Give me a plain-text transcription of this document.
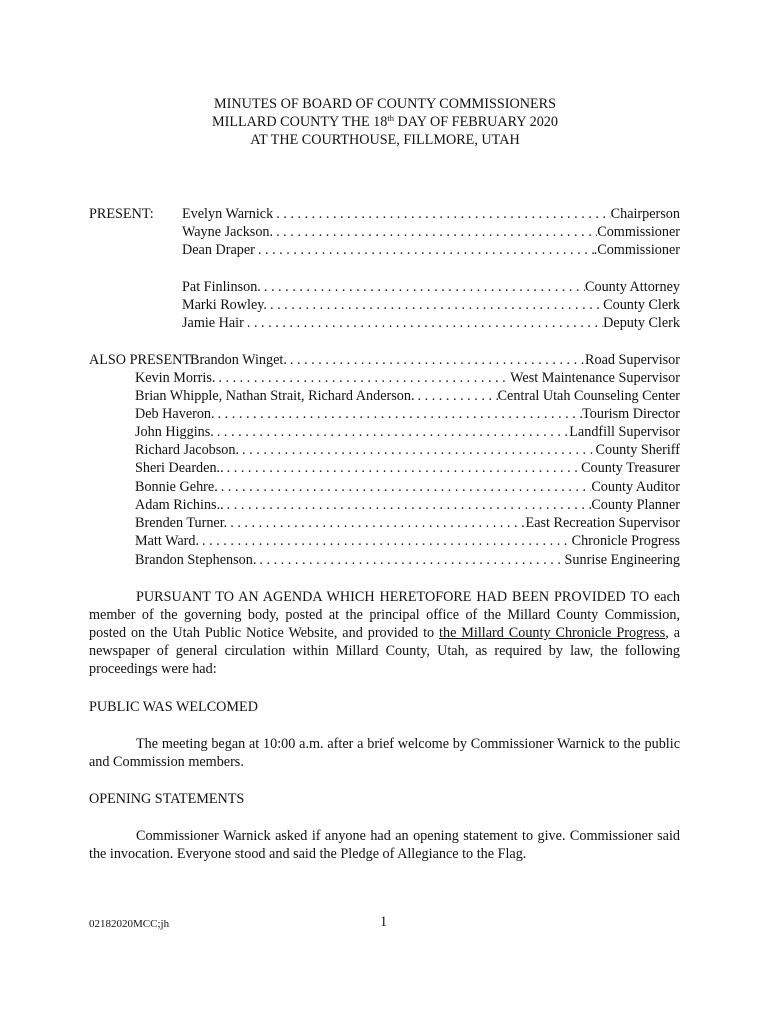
MINUTES OF BOARD OF COUNTY COMMISSIONERS
MILLARD COUNTY THE 18th DAY OF FEBRUARY 2020
AT THE COURTHOUSE, FILLMORE, UTAH
PRESENT: Evelyn Warnick . . .	Chairperson
Wayne Jackson. . . .	Commissioner
Dean Draper . . .	.Commissioner
Pat Finlinson. . . .	County Attorney
Marki Rowley. . . .	County Clerk
Jamie Hair . . .	Deputy Clerk
ALSO PRESENT:
Brandon Winget. . . .	Road Supervisor
Kevin Morris. . . .	West Maintenance Supervisor
Brian Whipple, Nathan Strait, Richard Anderson. . . .	Central Utah Counseling Center
Deb Haveron. . . .	Tourism Director
John Higgins. . . .	Landfill Supervisor
Richard Jacobson. . . .	County Sheriff
Sheri Dearden.. . . .	County Treasurer
Bonnie Gehre. . . .	County Auditor
Adam Richins.. . . .	County Planner
Brenden Turner. . . .	East Recreation Supervisor
Matt Ward. . . .	Chronicle Progress
Brandon Stephenson. . . .	Sunrise Engineering
PURSUANT TO AN AGENDA WHICH HERETOFORE HAD BEEN PROVIDED TO each member of the governing body, posted at the principal office of the Millard County Commission, posted on the Utah Public Notice Website, and provided to the Millard County Chronicle Progress, a newspaper of general circulation within Millard County, Utah, as required by law, the following proceedings were had:
PUBLIC WAS WELCOMED
The meeting began at 10:00 a.m. after a brief welcome by Commissioner Warnick to the public and Commission members.
OPENING STATEMENTS
Commissioner Warnick asked if anyone had an opening statement to give. Commissioner said the invocation. Everyone stood and said the Pledge of Allegiance to the Flag.
02182020MCC;jh	1
